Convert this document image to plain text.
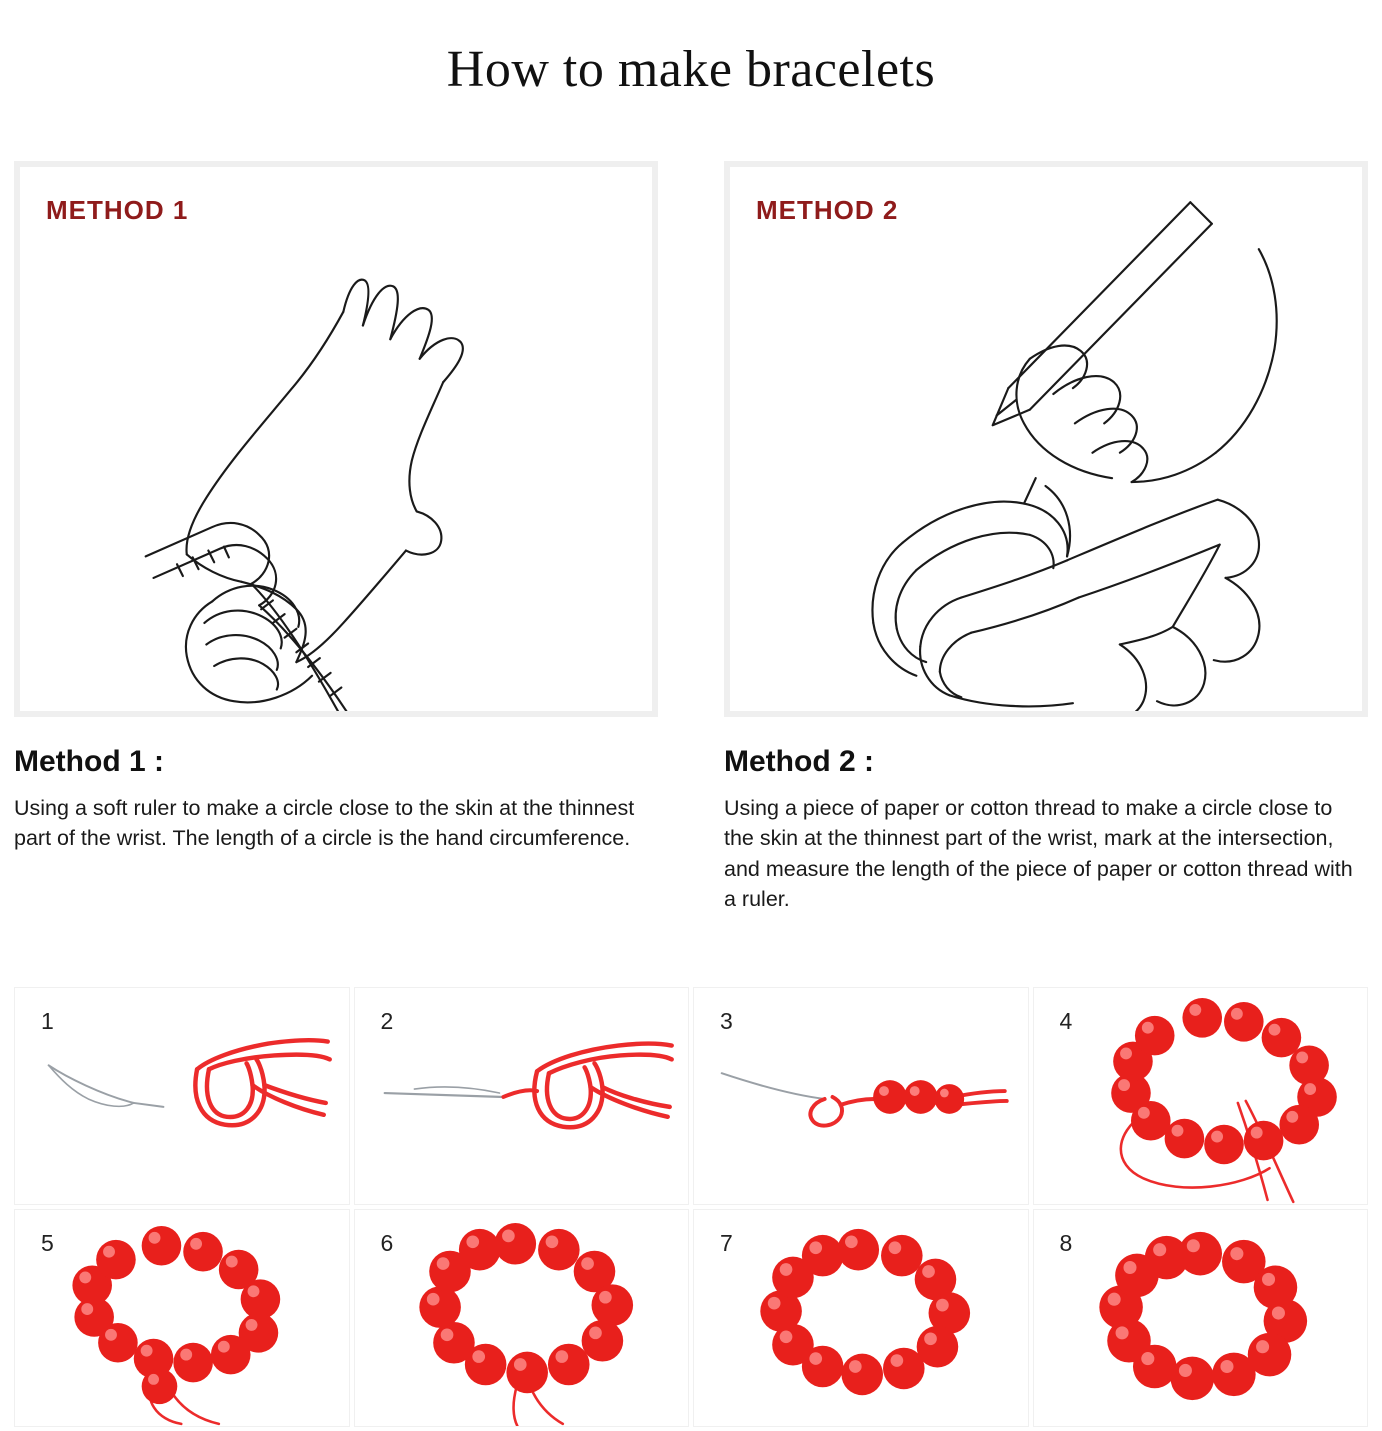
How to make bracelets
METHOD 1
Method 1 :
Using a soft ruler to make a circle close to the skin at the thinnest part of the wrist. The length of a circle is the hand circumference.
METHOD 2
Method 2 :
Using a piece of paper or cotton thread to make a circle close to the skin at the thinnest part of the wrist, mark at the intersection, and measure the length of the piece of paper or cotton thread with a ruler.
1	2	3	4
5	6	7	8
